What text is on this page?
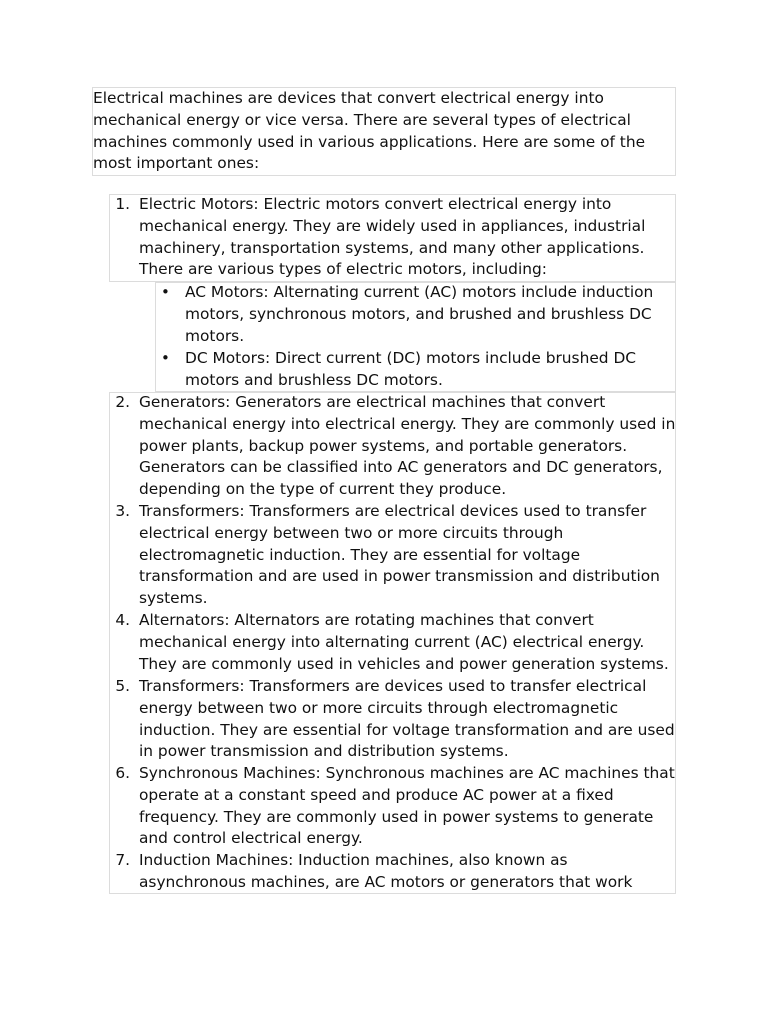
Electrical machines are devices that convert electrical energy into
mechanical energy or vice versa. There are several types of electrical
machines commonly used in various applications. Here are some of the
most important ones:
1. Electric Motors: Electric motors convert electrical energy into
mechanical energy. They are widely used in appliances, industrial
machinery, transportation systems, and many other applications.
There are various types of electric motors, including:
• AC Motors: Alternating current (AC) motors include induction
motors, synchronous motors, and brushed and brushless DC
motors.
• DC Motors: Direct current (DC) motors include brushed DC
motors and brushless DC motors.
2. Generators: Generators are electrical machines that convert
mechanical energy into electrical energy. They are commonly used in
power plants, backup power systems, and portable generators.
Generators can be classified into AC generators and DC generators,
depending on the type of current they produce.
3. Transformers: Transformers are electrical devices used to transfer
electrical energy between two or more circuits through
electromagnetic induction. They are essential for voltage
transformation and are used in power transmission and distribution
systems.
4. Alternators: Alternators are rotating machines that convert
mechanical energy into alternating current (AC) electrical energy.
They are commonly used in vehicles and power generation systems.
5. Transformers: Transformers are devices used to transfer electrical
energy between two or more circuits through electromagnetic
induction. They are essential for voltage transformation and are used
in power transmission and distribution systems.
6. Synchronous Machines: Synchronous machines are AC machines that
operate at a constant speed and produce AC power at a fixed
frequency. They are commonly used in power systems to generate
and control electrical energy.
7. Induction Machines: Induction machines, also known as
asynchronous machines, are AC motors or generators that work
